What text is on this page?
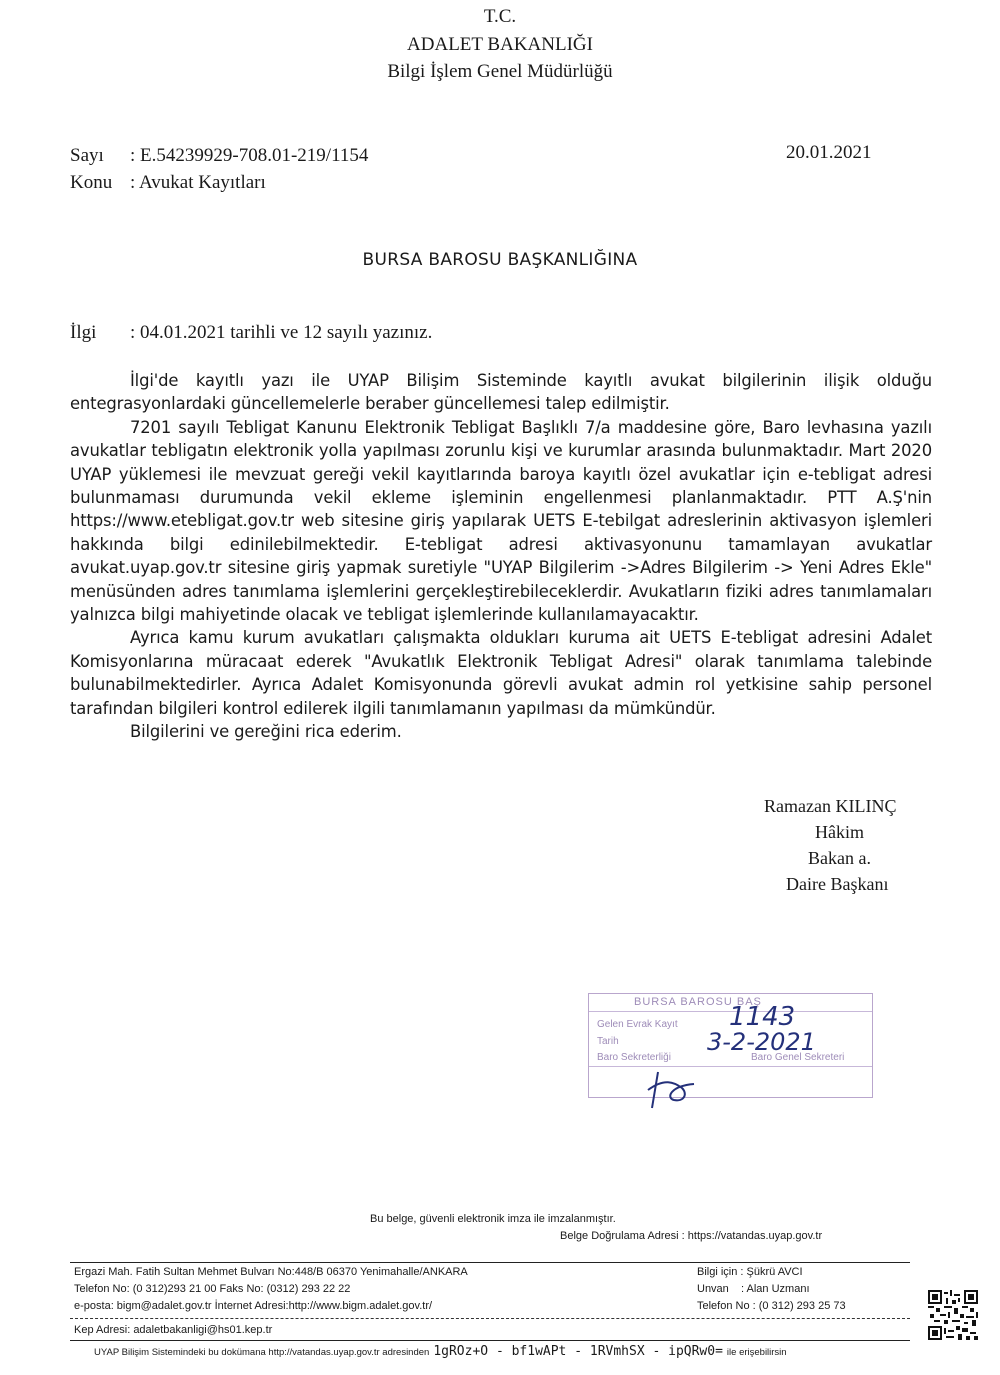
T.C.
ADALET BAKANLIĞI
Bilgi İşlem Genel Müdürlüğü
Sayı : E.54239929-708.01-219/1154	20.01.2021
Konu : Avukat Kayıtları
BURSA BAROSU BAŞKANLIĞINA
İlgi : 04.01.2021 tarihli ve 12 sayılı yazınız.

İlgi'de kayıtlı yazı ile UYAP Bilişim Sisteminde kayıtlı avukat bilgilerinin ilişik olduğu entegrasyonlardaki güncellemelerle beraber güncellemesi talep edilmiştir.

7201 sayılı Tebligat Kanunu Elektronik Tebligat Başlıklı 7/a maddesine göre, Baro levhasına yazılı avukatlar tebligatın elektronik yolla yapılması zorunlu kişi ve kurumlar arasında bulunmaktadır. Mart 2020 UYAP yüklemesi ile mevzuat gereği vekil kayıtlarında baroya kayıtlı özel avukatlar için e-tebligat adresi bulunmaması durumunda vekil ekleme işleminin engellenmesi planlanmaktadır. PTT A.Ş'nin https://www.etebligat.gov.tr web sitesine giriş yapılarak UETS E-tebilgat adreslerinin aktivasyon işlemleri hakkında bilgi edinilebilmektedir. E-tebligat adresi aktivasyonunu tamamlayan avukatlar avukat.uyap.gov.tr sitesine giriş yapmak suretiyle "UYAP Bilgilerim ->Adres Bilgilerim -> Yeni Adres Ekle" menüsünden adres tanımlama işlemlerini gerçekleştirebileceklerdir. Avukatların fiziki adres tanımlamaları yalnızca bilgi mahiyetinde olacak ve tebligat işlemlerinde kullanılamayacaktır.

Ayrıca kamu kurum avukatları çalışmakta oldukları kuruma ait UETS E-tebligat adresini Adalet Komisyonlarına müracaat ederek "Avukatlık Elektronik Tebligat Adresi" olarak tanımlama talebinde bulunabilmektedirler. Ayrıca Adalet Komisyonunda görevli avukat admin rol yetkisine sahip personel tarafından bilgileri kontrol edilerek ilgili tanımlamanın yapılması da mümkündür.

Bilgilerini ve gereğini rica ederim.

Ramazan KILINÇ
Hâkim
Bakan a.
Daire Başkanı
BURSA BAROSU BAŞ
Gelen Evrak Kayıt
Tarih
Baro Sekreterliği	Baro Genel Sekreteri
1143
3-2-2021
Bu belge, güvenli elektronik imza ile imzalanmıştır.
Belge Doğrulama Adresi : https://vatandas.uyap.gov.tr
Ergazi Mah. Fatih Sultan Mehmet Bulvarı No:448/B 06370 Yenimahalle/ANKARA
Telefon No: (0 312)293 21 00 Faks No: (0312) 293 22 22
e-posta: bigm@adalet.gov.tr İnternet Adresi:http://www.bigm.adalet.gov.tr/
Bilgi için : Şükrü AVCI
Unvan    : Alan Uzmanı
Telefon No : (0 312) 293 25 73
Kep Adresi: adaletbakanligi@hs01.kep.tr
UYAP Bilişim Sistemindeki bu dokümana http://vatandas.uyap.gov.tr adresinden 1gROz+O - bf1wAPt - 1RVmhSX - ipQRw0= ile erişebilirsin
